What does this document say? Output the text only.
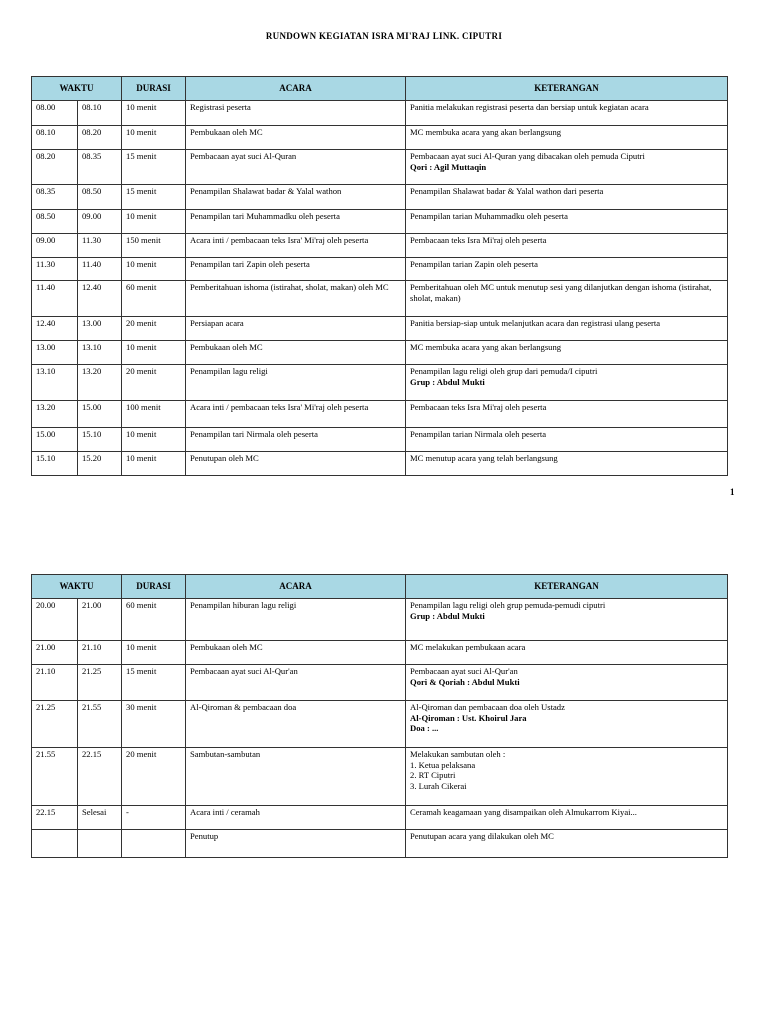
RUNDOWN KEGIATAN ISRA MI'RAJ LINK. CIPUTRI
WAKTU		DURASI	ACARA	KETERANGAN
08.00	08.10	10 menit	Registrasi peserta	Panitia melakukan registrasi peserta dan bersiap untuk kegiatan acara
08.10	08.20	10 menit	Pembukaan oleh MC	MC membuka acara yang akan berlangsung
08.20	08.35	15 menit	Pembacaan ayat suci Al-Quran	Pembacaan ayat suci Al-Quran yang dibacakan oleh pemuda Ciputri
Qori : Agil Muttaqin

08.35	08.50	15 menit	Penampilan Shalawat badar & Yalal wathon	Penampilan Shalawat badar & Yalal wathon dari peserta
08.50	09.00	10 menit	Penampilan tari Muhammadku oleh peserta	Penampilan tarian Muhammadku oleh peserta
09.00	11.30	150 menit	Acara inti / pembacaan teks Isra' Mi'raj oleh peserta	Pembacaan teks Isra Mi'raj oleh peserta
11.30	11.40	10 menit	Penampilan tari Zapin oleh peserta	Penampilan tarian Zapin oleh peserta
11.40	12.40	60 menit	Pemberitahuan ishoma (istirahat, sholat, makan) oleh MC	Pemberitahuan oleh MC untuk menutup sesi yang dilanjutkan dengan ishoma (istirahat, sholat, makan)
12.40	13.00	20 menit	Persiapan acara	Panitia bersiap-siap untuk melanjutkan acara dan registrasi ulang peserta
13.00	13.10	10 menit	Pembukaan oleh MC	MC membuka acara yang akan berlangsung
13.10	13.20	20 menit	Penampilan lagu religi	Penampilan lagu religi oleh grup dari pemuda/I ciputri
Grup : Abdul Mukti

13.20	15.00	100 menit	Acara inti / pembacaan teks Isra' Mi'raj oleh peserta	Pembacaan teks Isra Mi'raj oleh peserta
15.00	15.10	10 menit	Penampilan tari Nirmala oleh peserta	Penampilan tarian Nirmala oleh peserta
15.10	15.20	10 menit	Penutupan oleh MC	MC menutup acara yang telah berlangsung
1
WAKTU		DURASI	ACARA	KETERANGAN
20.00	21.00	60 menit	Penampilan hiburan lagu religi	Penampilan lagu religi oleh grup pemuda-pemudi ciputri
Grup : Abdul Mukti

21.00	21.10	10 menit	Pembukaan oleh MC	MC melakukan pembukaan acara
21.10	21.25	15 menit	Pembacaan ayat suci Al-Qur'an	Pembacaan ayat suci Al-Qur'an
Qori & Qoriah : Abdul Mukti

21.25	21.55	30 menit	Al-Qiroman & pembacaan doa	Al-Qiroman dan pembacaan doa oleh Ustadz
Al-Qiroman : Ust. Khoirul Jara
Doa : ...

21.55	22.15	20 menit	Sambutan-sambutan	Melakukan sambutan oleh :
1. Ketua pelaksana
2. RT Ciputri
3. Lurah Cikerai

22.15	Selesai	-	Acara inti / ceramah	Ceramah keagamaan yang disampaikan oleh Almukarrom Kiyai...
			Penutup	Penutupan acara yang dilakukan oleh MC
